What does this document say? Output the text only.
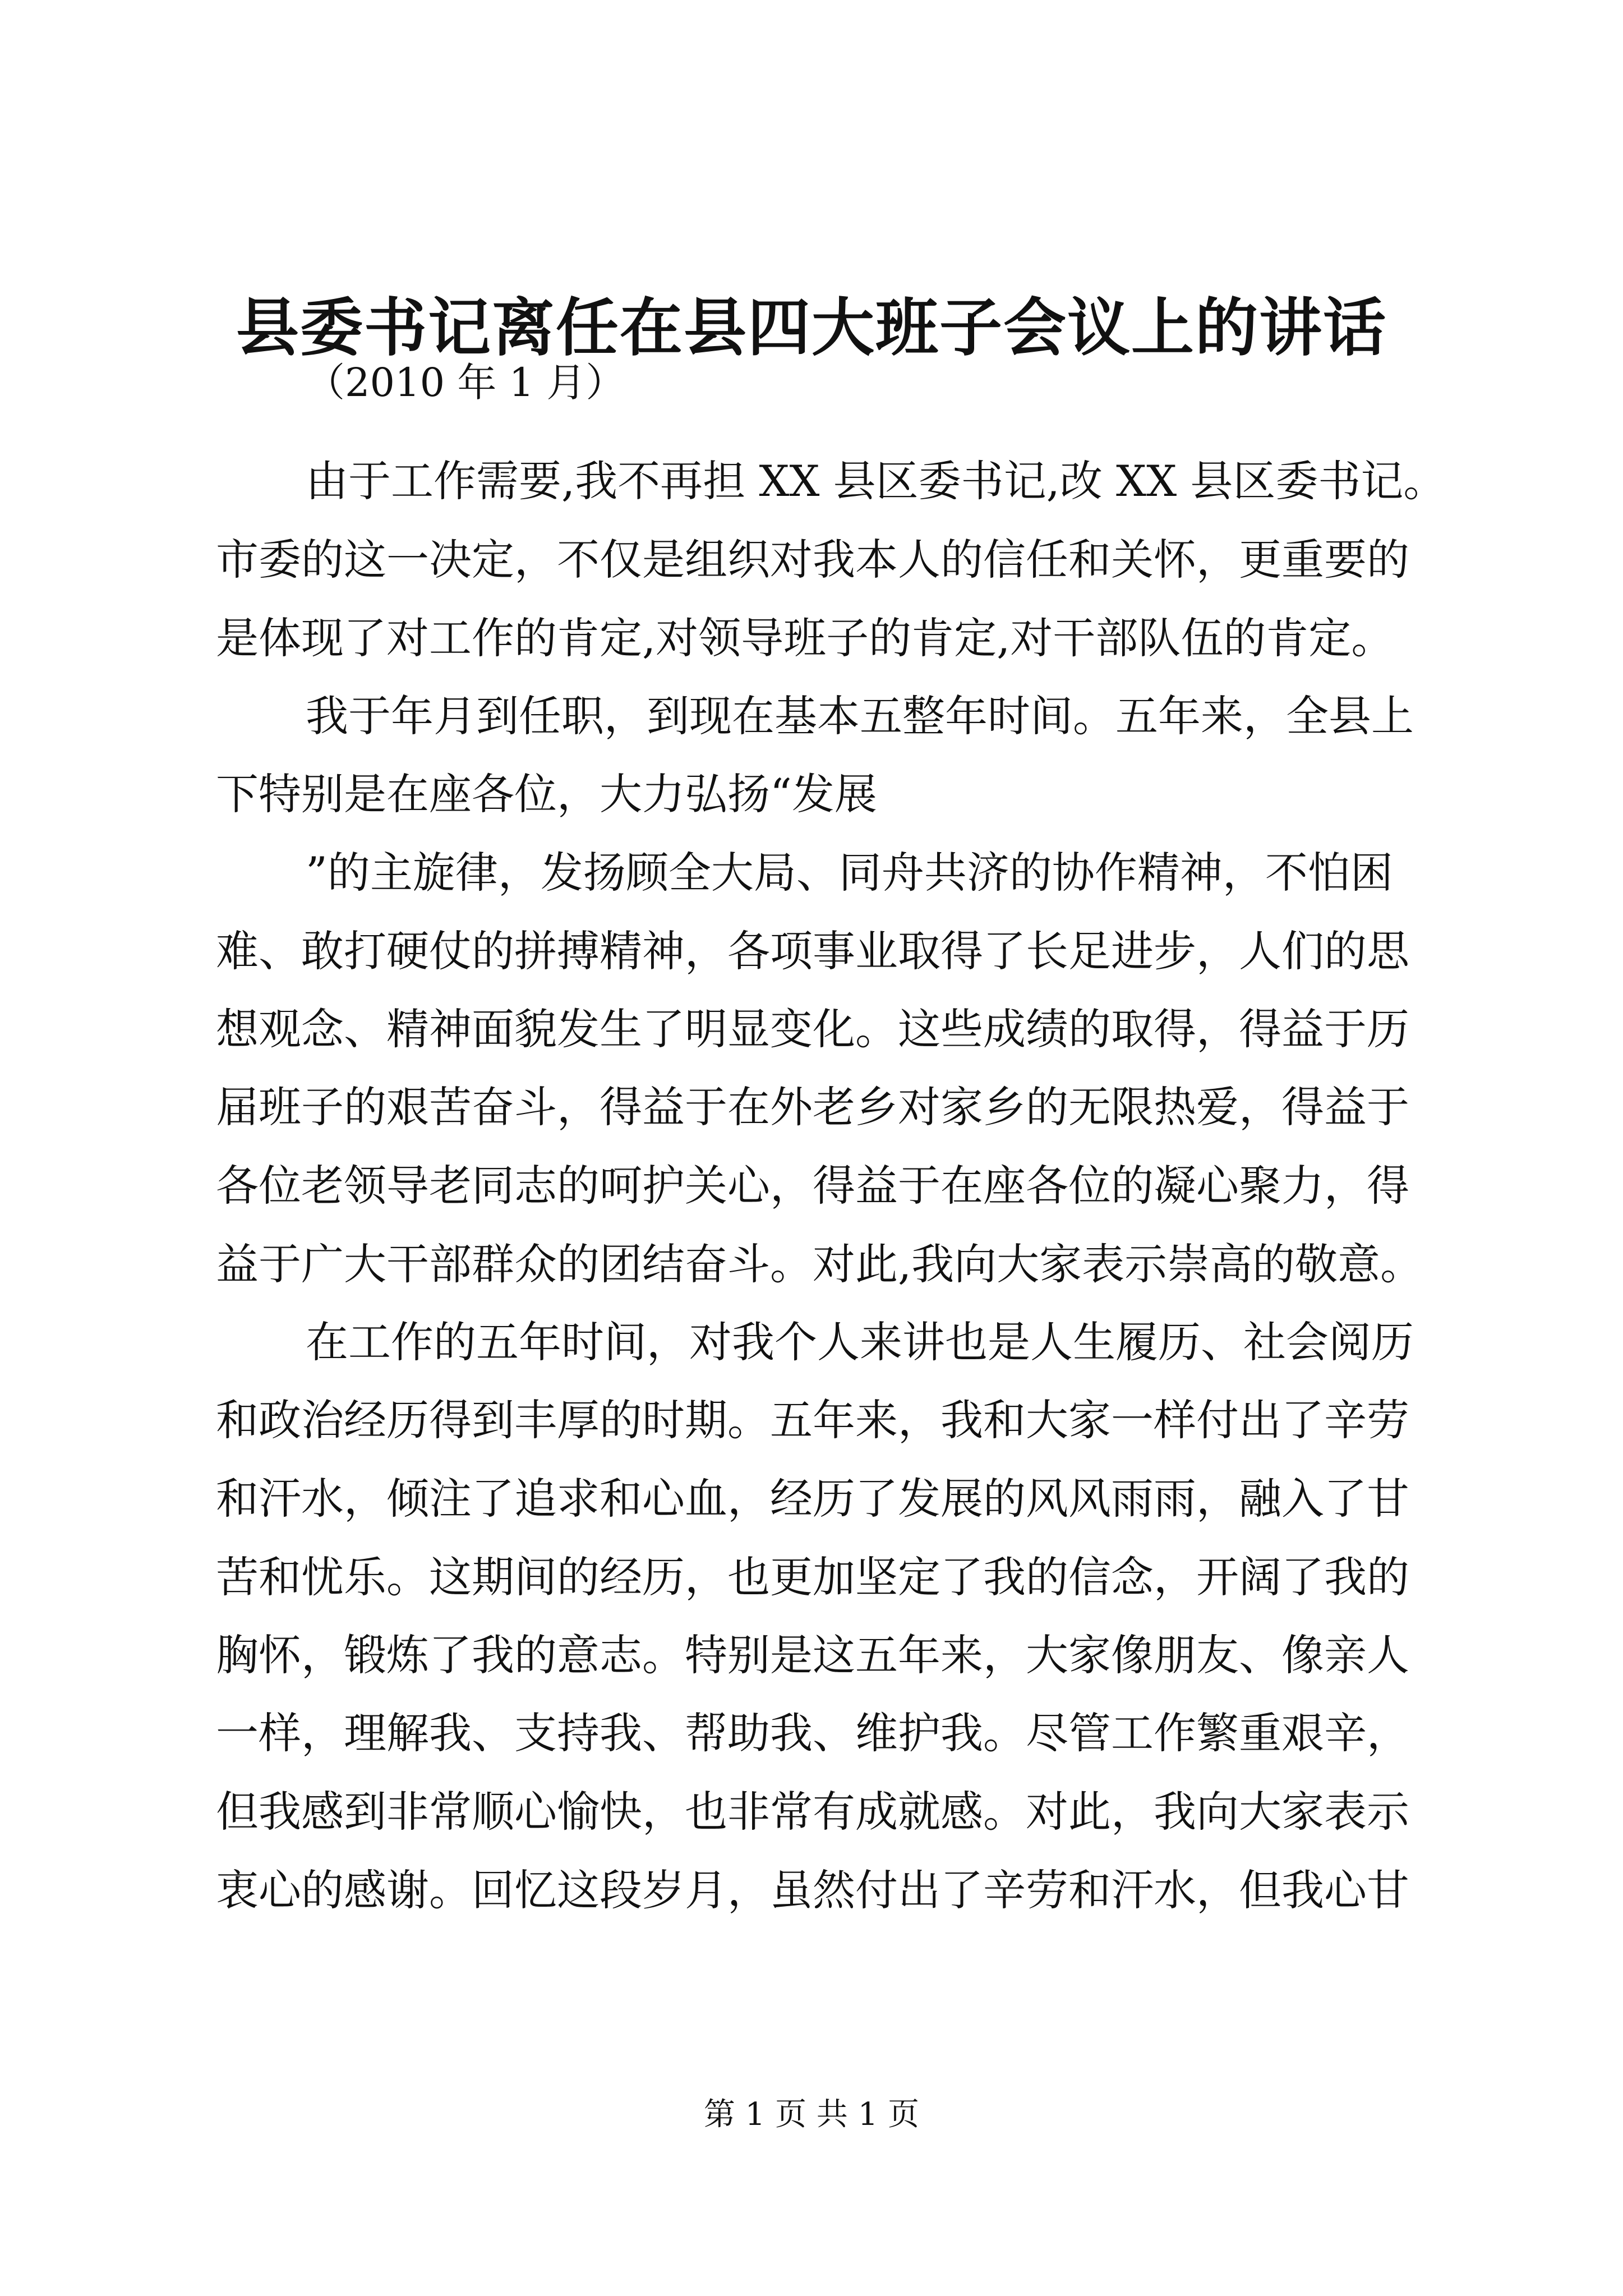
县委书记离任在县四大班子会议上的讲话
（2010 年 1 月）
由于工作需要,我不再担 XX 县区委书记,改 XX 县区委书记。
市委的这一决定，不仅是组织对我本人的信任和关怀，更重要的
是体现了对工作的肯定,对领导班子的肯定,对干部队伍的肯定。
我于年月到任职，到现在基本五整年时间。五年来，全县上
下特别是在座各位，大力弘扬“发展
”的主旋律，发扬顾全大局、同舟共济的协作精神，不怕困
难、敢打硬仗的拼搏精神，各项事业取得了长足进步，人们的思
想观念、精神面貌发生了明显变化。这些成绩的取得，得益于历
届班子的艰苦奋斗，得益于在外老乡对家乡的无限热爱，得益于
各位老领导老同志的呵护关心，得益于在座各位的凝心聚力，得
益于广大干部群众的团结奋斗。对此,我向大家表示崇高的敬意。
在工作的五年时间，对我个人来讲也是人生履历、社会阅历
和政治经历得到丰厚的时期。五年来，我和大家一样付出了辛劳
和汗水，倾注了追求和心血，经历了发展的风风雨雨，融入了甘
苦和忧乐。这期间的经历，也更加坚定了我的信念，开阔了我的
胸怀，锻炼了我的意志。特别是这五年来，大家像朋友、像亲人
一样，理解我、支持我、帮助我、维护我。尽管工作繁重艰辛，
但我感到非常顺心愉快，也非常有成就感。对此，我向大家表示
衷心的感谢。回忆这段岁月，虽然付出了辛劳和汗水，但我心甘
第 1 页 共 1 页
